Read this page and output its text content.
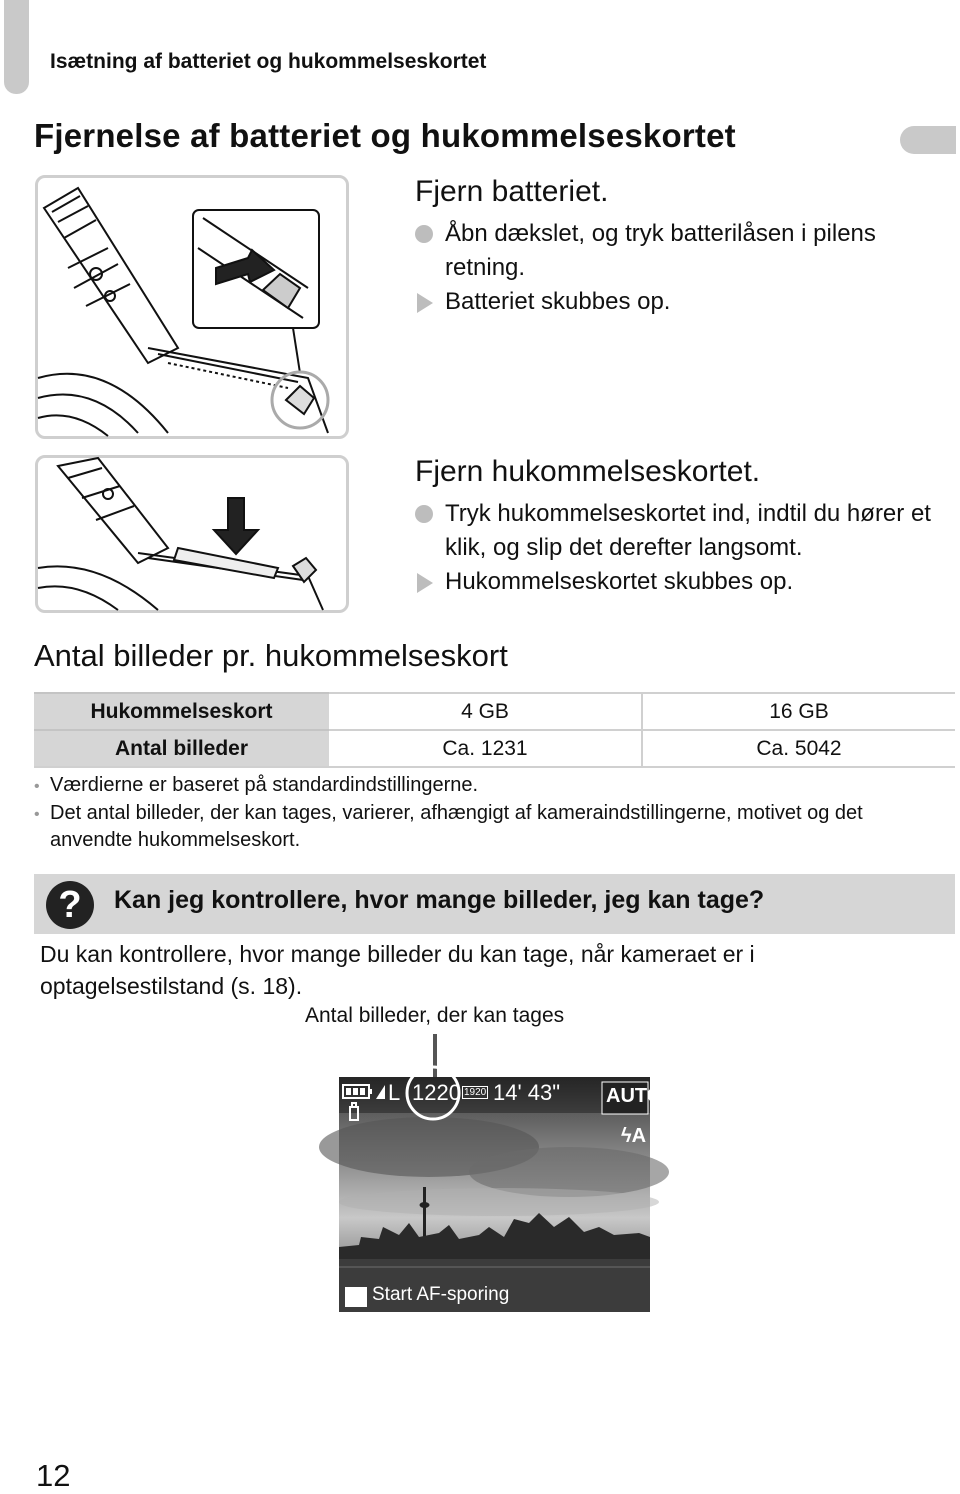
Isætning af batteriet og hukommelseskortet
Fjernelse af batteriet og hukommelseskortet
Fjern batteriet.
Åbn dækslet, og tryk batterilåsen i pilens retning.
Batteriet skubbes op.
Fjern hukommelseskortet.
Tryk hukommelseskortet ind, indtil du hører et klik, og slip det derefter langsomt.
Hukommelseskortet skubbes op.
Antal billeder pr. hukommelseskort
Hukommelseskort	4 GB	16 GB
Antal billeder	Ca. 1231	Ca. 5042
• Værdierne er baseret på standardindstillingerne.
• Det antal billeder, der kan tages, varierer, afhængigt af kameraindstillingerne, motivet og det anvendte hukommelseskort.
?	Kan jeg kontrollere, hvor mange billeder, jeg kan tage?
Du kan kontrollere, hvor mange billeder du kan tage, når kameraet er i optagelsestilstand (s. 18).
Antal billeder, der kan tages
L 1220 1920 14' 43" AUTO
ϟA
Start AF-sporing
12
